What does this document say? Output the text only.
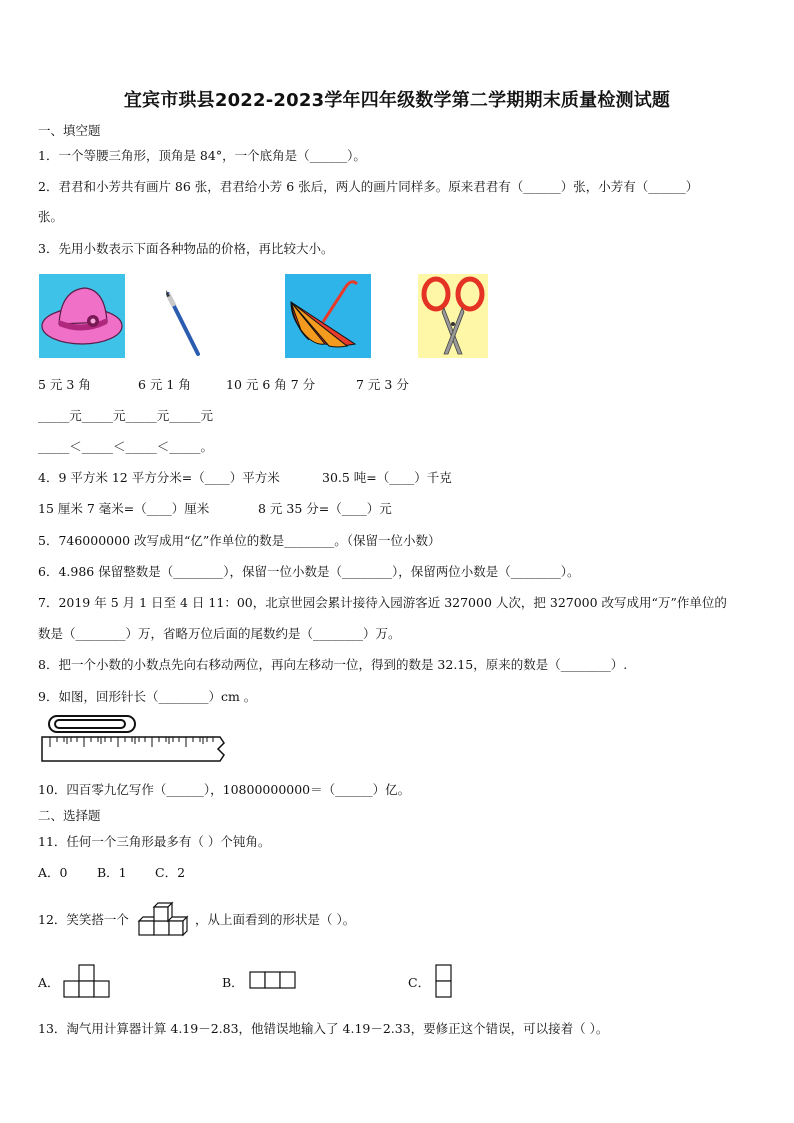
宜宾市珙县2022-2023学年四年级数学第二学期期末质量检测试题
一、填空题
1．一个等腰三角形，顶角是 84°，一个底角是（______）。
2．君君和小芳共有画片 86 张，君君给小芳 6 张后，两人的画片同样多。原来君君有（______）张，小芳有（______）
张。
3．先用小数表示下面各种物品的价格，再比较大小。
5 元 3 角	6 元 1 角	10 元 6 角 7 分	7 元 3 分
_____元_____元_____元_____元
_____＜_____＜_____＜_____。
4．9 平方米 12 平方分米=（____）平方米	30.5 吨=（____）千克
15 厘米 7 毫米=（____）厘米	8 元 35 分=（____）元
5．746000000 改写成用“亿”作单位的数是________。（保留一位小数）
6．4.986 保留整数是（________），保留一位小数是（________），保留两位小数是（________）。
7．2019 年 5 月 1 日至 4 日 11：00，北京世园会累计接待入园游客近 327000 人次，把 327000 改写成用“万”作单位的
数是（________）万，省略万位后面的尾数约是（________）万。
8．把一个小数的小数点先向右移动两位，再向左移动一位，得到的数是 32.15，原来的数是（________）.
9．如图，回形针长（________）cm 。
10．四百零九亿写作（______），10800000000＝（______）亿。
二、选择题
11．任何一个三角形最多有（ ）个钝角。
A．0 B．1 C．2
12．笑笑搭一个	，从上面看到的形状是（ ）。
A．	B．	C．
13．淘气用计算器计算 4.19－2.83，他错误地输入了 4.19－2.33，要修正这个错误，可以接着（ ）。
